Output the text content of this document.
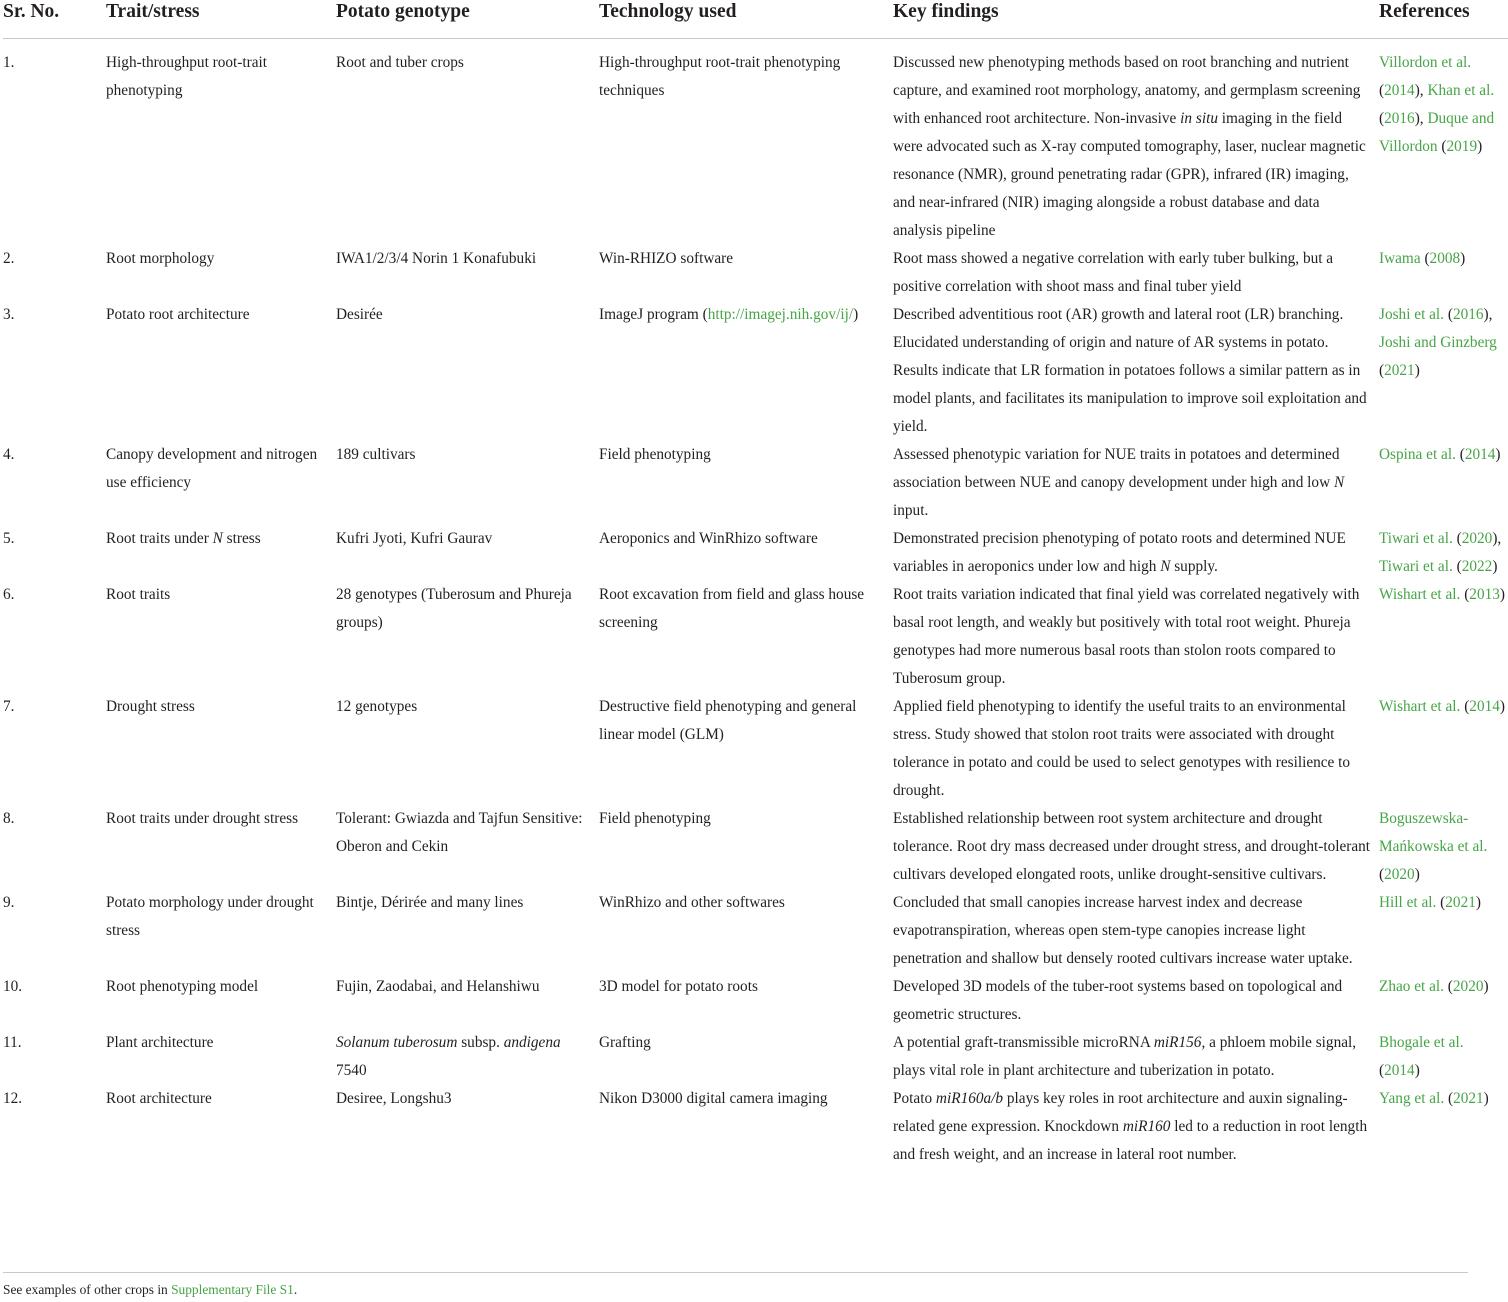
Sr. No.	Trait/stress	Potato genotype	Technology used	Key findings	References
1.	High-throughput root-trait phenotyping	Root and tuber crops	High-throughput root-trait phenotyping techniques	Discussed new phenotyping methods based on root branching and nutrient capture, and examined root morphology, anatomy, and germplasm screening with enhanced root architecture. Non-invasive in situ imaging in the field were advocated such as X-ray computed tomography, laser, nuclear magnetic resonance (NMR), ground penetrating radar (GPR), infrared (IR) imaging, and near-infrared (NIR) imaging alongside a robust database and data analysis pipeline	Villordon et al. (2014), Khan et al. (2016), Duque and Villordon (2019)
2.	Root morphology	IWA1/2/3/4 Norin 1 Konafubuki	Win-RHIZO software	Root mass showed a negative correlation with early tuber bulking, but a positive correlation with shoot mass and final tuber yield	Iwama (2008)
3.	Potato root architecture	Desirée	ImageJ program (http://imagej.nih.gov/ij/)	Described adventitious root (AR) growth and lateral root (LR) branching. Elucidated understanding of origin and nature of AR systems in potato. Results indicate that LR formation in potatoes follows a similar pattern as in model plants, and facilitates its manipulation to improve soil exploitation and yield.	Joshi et al. (2016), Joshi and Ginzberg (2021)
4.	Canopy development and nitrogen use efficiency	189 cultivars	Field phenotyping	Assessed phenotypic variation for NUE traits in potatoes and determined association between NUE and canopy development under high and low N input.	Ospina et al. (2014)
5.	Root traits under N stress	Kufri Jyoti, Kufri Gaurav	Aeroponics and WinRhizo software	Demonstrated precision phenotyping of potato roots and determined NUE variables in aeroponics under low and high N supply.	Tiwari et al. (2020), Tiwari et al. (2022)
6.	Root traits	28 genotypes (Tuberosum and Phureja groups)	Root excavation from field and glass house screening	Root traits variation indicated that final yield was correlated negatively with basal root length, and weakly but positively with total root weight. Phureja genotypes had more numerous basal roots than stolon roots compared to Tuberosum group.	Wishart et al. (2013)
7.	Drought stress	12 genotypes	Destructive field phenotyping and general linear model (GLM)	Applied field phenotyping to identify the useful traits to an environmental stress. Study showed that stolon root traits were associated with drought tolerance in potato and could be used to select genotypes with resilience to drought.	Wishart et al. (2014)
8.	Root traits under drought stress	Tolerant: Gwiazda and Tajfun Sensitive: Oberon and Cekin	Field phenotyping	Established relationship between root system architecture and drought tolerance. Root dry mass decreased under drought stress, and drought-tolerant cultivars developed elongated roots, unlike drought-sensitive cultivars.	Boguszewska-Mańkowska et al. (2020)
9.	Potato morphology under drought stress	Bintje, Dérirée and many lines	WinRhizo and other softwares	Concluded that small canopies increase harvest index and decrease evapotranspiration, whereas open stem-type canopies increase light penetration and shallow but densely rooted cultivars increase water uptake.	Hill et al. (2021)
10.	Root phenotyping model	Fujin, Zaodabai, and Helanshiwu	3D model for potato roots	Developed 3D models of the tuber-root systems based on topological and geometric structures.	Zhao et al. (2020)
11.	Plant architecture	Solanum tuberosum subsp. andigena 7540	Grafting	A potential graft-transmissible microRNA miR156, a phloem mobile signal, plays vital role in plant architecture and tuberization in potato.	Bhogale et al. (2014)
12.	Root architecture	Desiree, Longshu3	Nikon D3000 digital camera imaging	Potato miR160a/b plays key roles in root architecture and auxin signaling-related gene expression. Knockdown miR160 led to a reduction in root length and fresh weight, and an increase in lateral root number.	Yang et al. (2021)
See examples of other crops in Supplementary File S1.
